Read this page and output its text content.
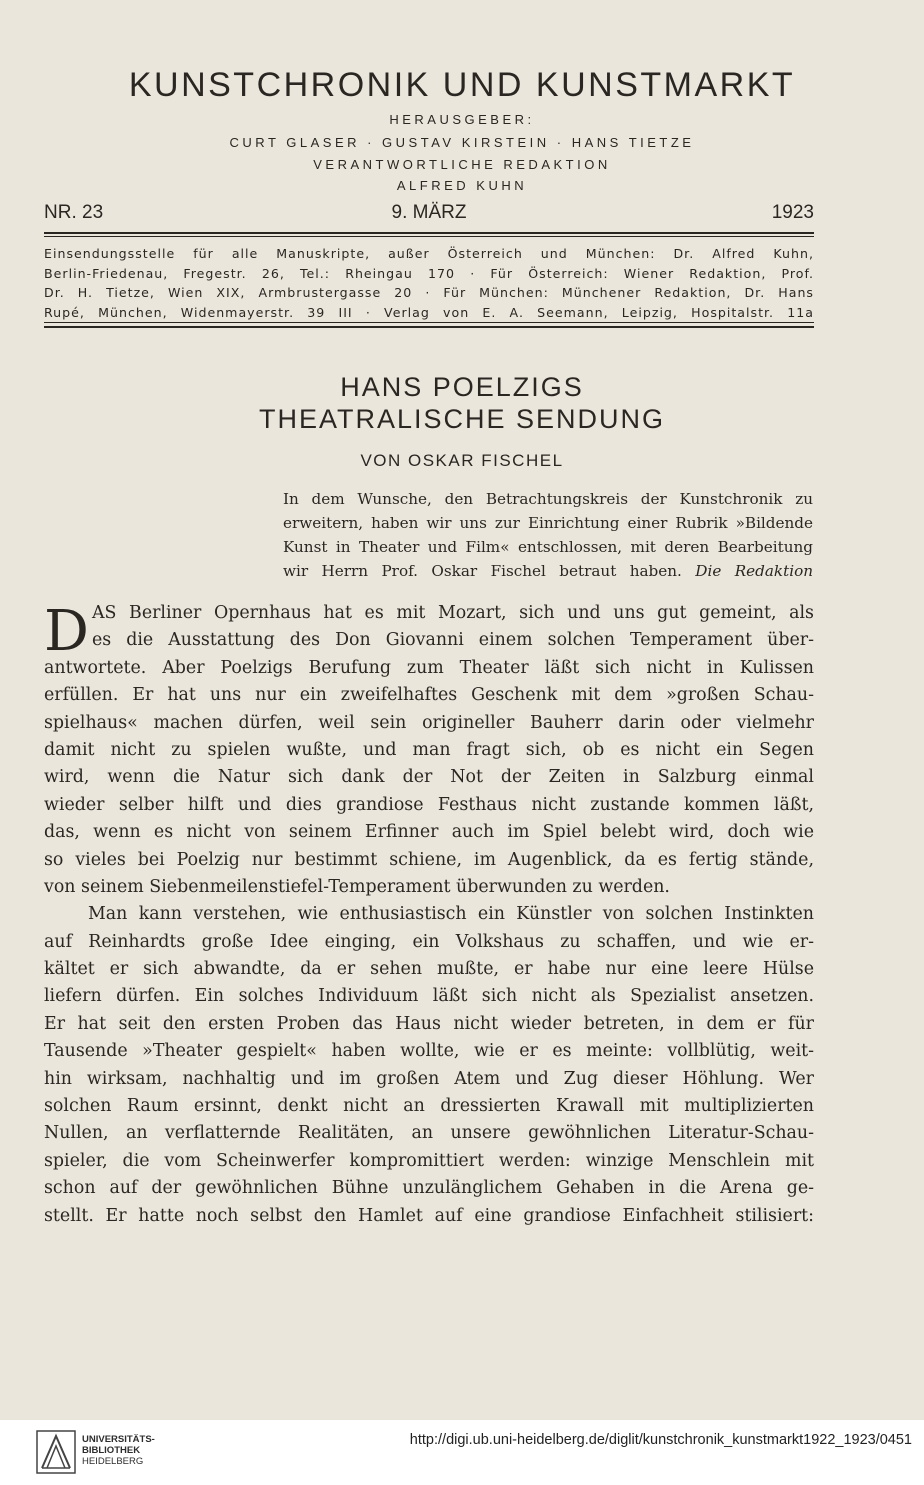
KUNSTCHRONIK UND KUNSTMARKT
HERAUSGEBER:
CURT GLASER · GUSTAV KIRSTEIN · HANS TIETZE
VERANTWORTLICHE REDAKTION
ALFRED KUHN
NR. 23	9. MÄRZ	1923
Einsendungsstelle für alle Manuskripte, außer Österreich und München: Dr. Alfred Kuhn,
Berlin-Friedenau, Fregestr. 26, Tel.: Rheingau 170 · Für Österreich: Wiener Redaktion, Prof.
Dr. H. Tietze, Wien XIX, Armbrustergasse 20 · Für München: Münchener Redaktion, Dr. Hans
Rupé, München, Widenmayerstr. 39 III · Verlag von E. A. Seemann, Leipzig, Hospitalstr. 11a
HANS POELZIGS
THEATRALISCHE SENDUNG
VON OSKAR FISCHEL
In dem Wunsche, den Betrachtungskreis der Kunstchronik zu
erweitern, haben wir uns zur Einrichtung einer Rubrik »Bildende
Kunst in Theater und Film« entschlossen, mit deren Bearbeitung
wir Herrn Prof. Oskar Fischel betraut haben. Die Redaktion
D AS Berliner Opernhaus hat es mit Mozart, sich und uns gut gemeint, als
es die Ausstattung des Don Giovanni einem solchen Temperament über-
antwortete. Aber Poelzigs Berufung zum Theater läßt sich nicht in Kulissen
erfüllen. Er hat uns nur ein zweifelhaftes Geschenk mit dem »großen Schau-
spielhaus« machen dürfen, weil sein origineller Bauherr darin oder vielmehr
damit nicht zu spielen wußte, und man fragt sich, ob es nicht ein Segen
wird, wenn die Natur sich dank der Not der Zeiten in Salzburg einmal
wieder selber hilft und dies grandiose Festhaus nicht zustande kommen läßt,
das, wenn es nicht von seinem Erfinner auch im Spiel belebt wird, doch wie
so vieles bei Poelzig nur bestimmt schiene, im Augenblick, da es fertig stände,
von seinem Siebenmeilenstiefel-Temperament überwunden zu werden.
Man kann verstehen, wie enthusiastisch ein Künstler von solchen Instinkten
auf Reinhardts große Idee einging, ein Volkshaus zu schaffen, und wie er-
kältet er sich abwandte, da er sehen mußte, er habe nur eine leere Hülse
liefern dürfen. Ein solches Individuum läßt sich nicht als Spezialist ansetzen.
Er hat seit den ersten Proben das Haus nicht wieder betreten, in dem er für
Tausende »Theater gespielt« haben wollte, wie er es meinte: vollblütig, weit-
hin wirksam, nachhaltig und im großen Atem und Zug dieser Höhlung. Wer
solchen Raum ersinnt, denkt nicht an dressierten Krawall mit multiplizierten
Nullen, an verflatternde Realitäten, an unsere gewöhnlichen Literatur-Schau-
spieler, die vom Scheinwerfer kompromittiert werden: winzige Menschlein mit
schon auf der gewöhnlichen Bühne unzulänglichem Gehaben in die Arena ge-
stellt. Er hatte noch selbst den Hamlet auf eine grandiose Einfachheit stilisiert:
UNIVERSITÄTS-
BIBLIOTHEK
HEIDELBERG
http://digi.ub.uni-heidelberg.de/diglit/kunstchronik_kunstmarkt1922_1923/0451
